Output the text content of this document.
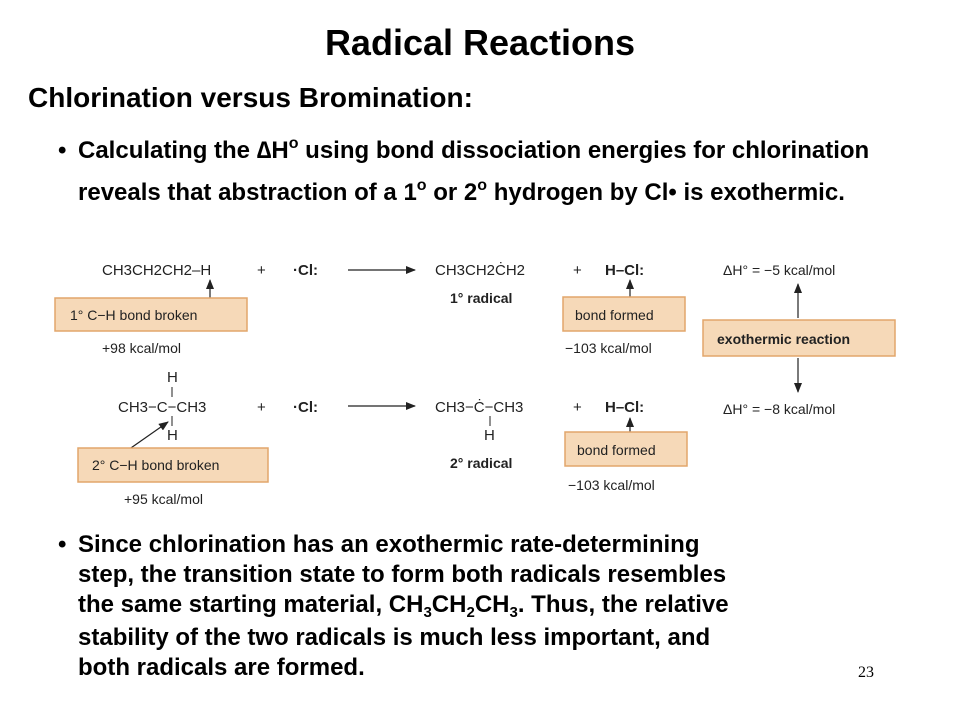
Radical Reactions
Chlorination versus Bromination:
• Calculating the $\Delta H^o$ using bond dissociation energies for chlorination reveals that abstraction of a 1$^o$ or 2$^o$ hydrogen by Cl• is exothermic.
CH3CH2CH2–H	+ ·Cl:	CH3CH2ĊH2
1° radical
+ H–Cl:	ΔH° = −5 kcal/mol
1° C−H bond broken
+98 kcal/mol
bond formed
−103 kcal/mol
exothermic reaction
H
CH3−C−CH3
H
+ ·Cl:	CH3−Ċ−CH3
H
2° radical
+ H–Cl:	ΔH° = −8 kcal/mol
2° C−H bond broken
+95 kcal/mol
bond formed
−103 kcal/mol
• Since chlorination has an exothermic rate-determining
step, the transition state to form both radicals resembles
the same starting material, $CH_3CH_2CH_3$. Thus, the relative
stability of the two radicals is much less important, and
both radicals are formed.	23
